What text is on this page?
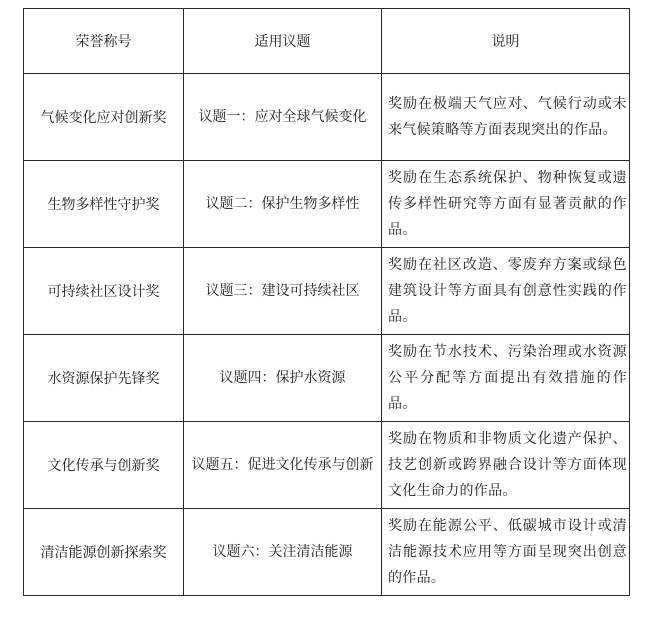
荣誉称号	适用议题	说明
气候变化应对创新奖	议题一：应对全球气候变化	奖励在极端天气应对、气候行动或未来气候策略等方面表现突出的作品。
生物多样性守护奖	议题二：保护生物多样性	奖励在生态系统保护、物种恢复或遗传多样性研究等方面有显著贡献的作品。
可持续社区设计奖	议题三：建设可持续社区	奖励在社区改造、零废弃方案或绿色建筑设计等方面具有创意性实践的作品。
水资源保护先锋奖	议题四：保护水资源	奖励在节水技术、污染治理或水资源公平分配等方面提出有效措施的作品。
文化传承与创新奖	议题五：促进文化传承与创新	奖励在物质和非物质文化遗产保护、技艺创新或跨界融合设计等方面体现文化生命力的作品。
清洁能源创新探索奖	议题六：关注清洁能源	奖励在能源公平、低碳城市设计或清洁能源技术应用等方面呈现突出创意的作品。
